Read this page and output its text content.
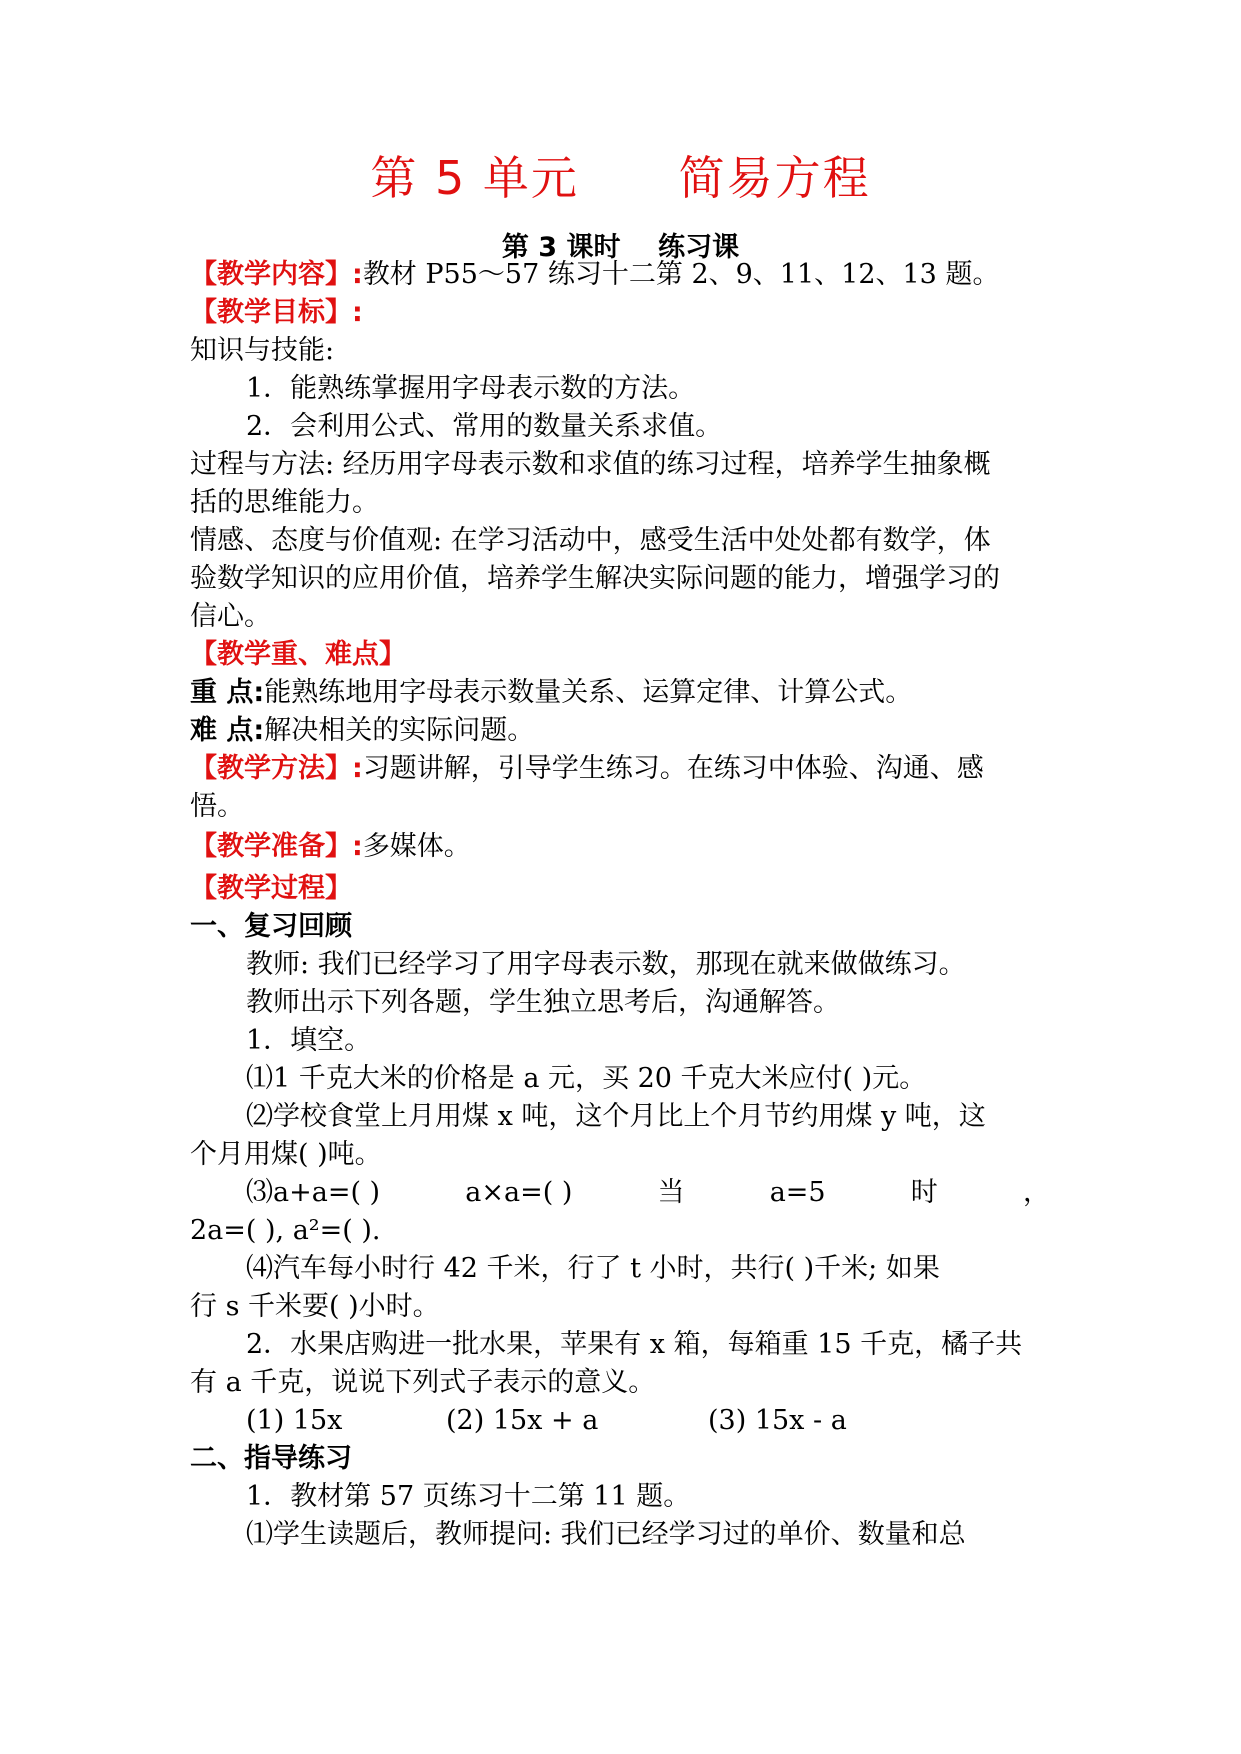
第 5 单元      简易方程
第 3 课时    练习课
【教学内容】:教材 P55～57 练习十二第 2、9、11、12、13 题。
【教学目标】:
知识与技能:
1．能熟练掌握用字母表示数的方法。
2．会利用公式、常用的数量关系求值。
过程与方法: 经历用字母表示数和求值的练习过程，培养学生抽象概
括的思维能力。
情感、态度与价值观: 在学习活动中，感受生活中处处都有数学，体
验数学知识的应用价值，培养学生解决实际问题的能力，增强学习的
信心。
【教学重、难点】
重 点:能熟练地用字母表示数量关系、运算定律、计算公式。
难 点:解决相关的实际问题。
【教学方法】:习题讲解，引导学生练习。在练习中体验、沟通、感
悟。
【教学准备】:多媒体。
【教学过程】
一、复习回顾
教师: 我们已经学习了用字母表示数，那现在就来做做练习。
教师出示下列各题，学生独立思考后，沟通解答。
1．填空。
⑴1 千克大米的价格是 a 元，买 20 千克大米应付( )元。
⑵学校食堂上月用煤 x 吨，这个月比上个月节约用煤 y 吨，这
个月用煤( )吨。
⑶a+a=( )	a×a=( )	当	a=5	时	，
2a=( ), a²=( ).
⑷汽车每小时行 42 千米，行了 t 小时，共行( )千米; 如果
行 s 千米要( )小时。
2．水果店购进一批水果，苹果有 x 箱，每箱重 15 千克，橘子共
有 a 千克，说说下列式子表示的意义。
(1) 15x	(2) 15x + a	(3) 15x - a
二、指导练习
1．教材第 57 页练习十二第 11 题。
⑴学生读题后，教师提问: 我们已经学习过的单价、数量和总
